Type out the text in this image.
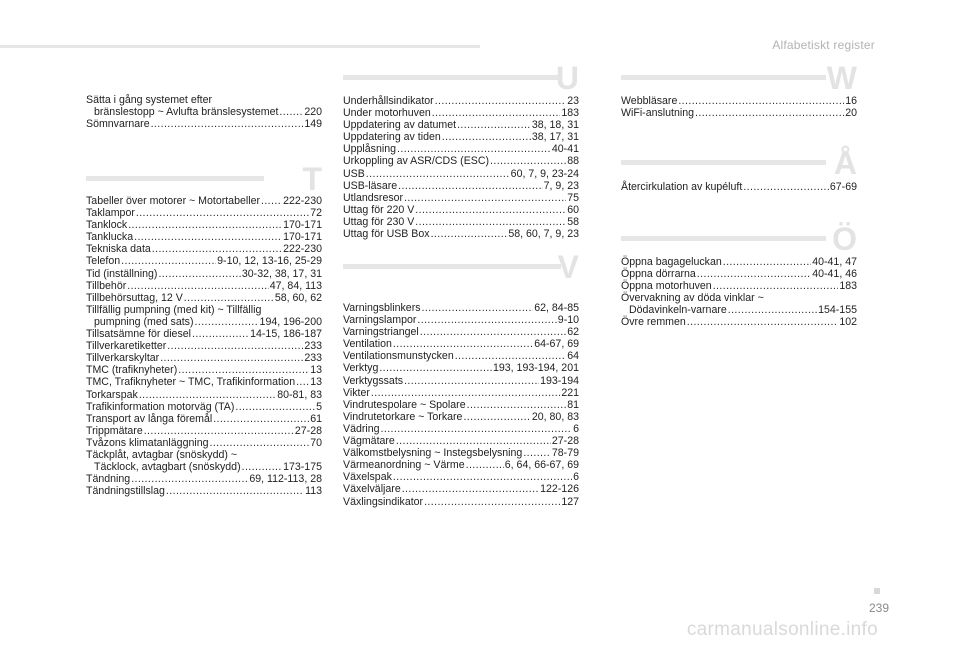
Alfabetiskt register
Sätta i gång systemet efter
bränslestopp ~ Avlufta bränslesystemet ..... 220
Sömnvarnare .....	149
T
Tabeller över motorer ~ Motortabeller ..... 222-230
Taklampor .....	72
Tanklock .....	170-171
Tanklucka .....	170-171
Tekniska data .....	222-230
Telefon .....	9-10, 12, 13-16, 25-29
Tid (inställning) .....	30-32, 38, 17, 31
Tillbehör .....	47, 84, 113
Tillbehörsuttag, 12 V .....	58, 60, 62
Tillfällig pumpning (med kit) ~ Tillfällig
pumpning (med sats) .....	194, 196-200
Tillsatsämne för diesel .....	14-15, 186-187
Tillverkaretiketter .....	233
Tillverkarskyltar .....	233
TMC (trafiknyheter) .....	13
TMC, Trafiknyheter ~ TMC, Trafikinformation ..... 13
Torkarspak .....	80-81, 83
Trafikinformation motorväg (TA) .....	5
Transport av långa föremål .....	61
Trippmätare .....	27-28
Tvåzons klimatanläggning .....	70
Täckplåt, avtagbar (snöskydd) ~
Täcklock, avtagbart (snöskydd) .....	173-175
Tändning .....	69, 112-113, 28
Tändningstillslag .....	113
U
Underhållsindikator .....	23
Under motorhuven .....	183
Uppdatering av datumet .....	38, 18, 31
Uppdatering av tiden .....	38, 17, 31
Upplåsning .....	40-41
Urkoppling av ASR/CDS (ESC) .....	88
USB .....	60, 7, 9, 23-24
USB-läsare .....	7, 9, 23
Utlandsresor .....	75
Uttag för 220 V .....	60
Uttag för 230 V .....	58
Uttag för USB Box .....	58, 60, 7, 9, 23
V
Varningsblinkers .....	62, 84-85
Varningslampor .....	9-10
Varningstriangel .....	62
Ventilation .....	64-67, 69
Ventilationsmunstycken .....	64
Verktyg .....	193, 193-194, 201
Verktygssats .....	193-194
Vikter .....	221
Vindrutespolare ~ Spolare .....	81
Vindrutetorkare ~ Torkare .....	20, 80, 83
Vädring .....	6
Vägmätare .....	27-28
Välkomstbelysning ~ Instegsbelysning .....	78-79
Värmeanordning ~ Värme .....	6, 64, 66-67, 69
Växelspak .....	6
Växelväljare .....	122-126
Växlingsindikator .....	127
W
Webbläsare .....	16
WiFi-anslutning .....	20
Å
Återcirkulation av kupéluft .....	67-69
Ö
Öppna bagageluckan .....	40-41, 47
Öppna dörrarna .....	40-41, 46
Öppna motorhuven .....	183
Övervakning av döda vinklar ~
Dödavinkeln-varnare .....	154-155
Övre remmen .....	102
239
carmanualsonline.info
